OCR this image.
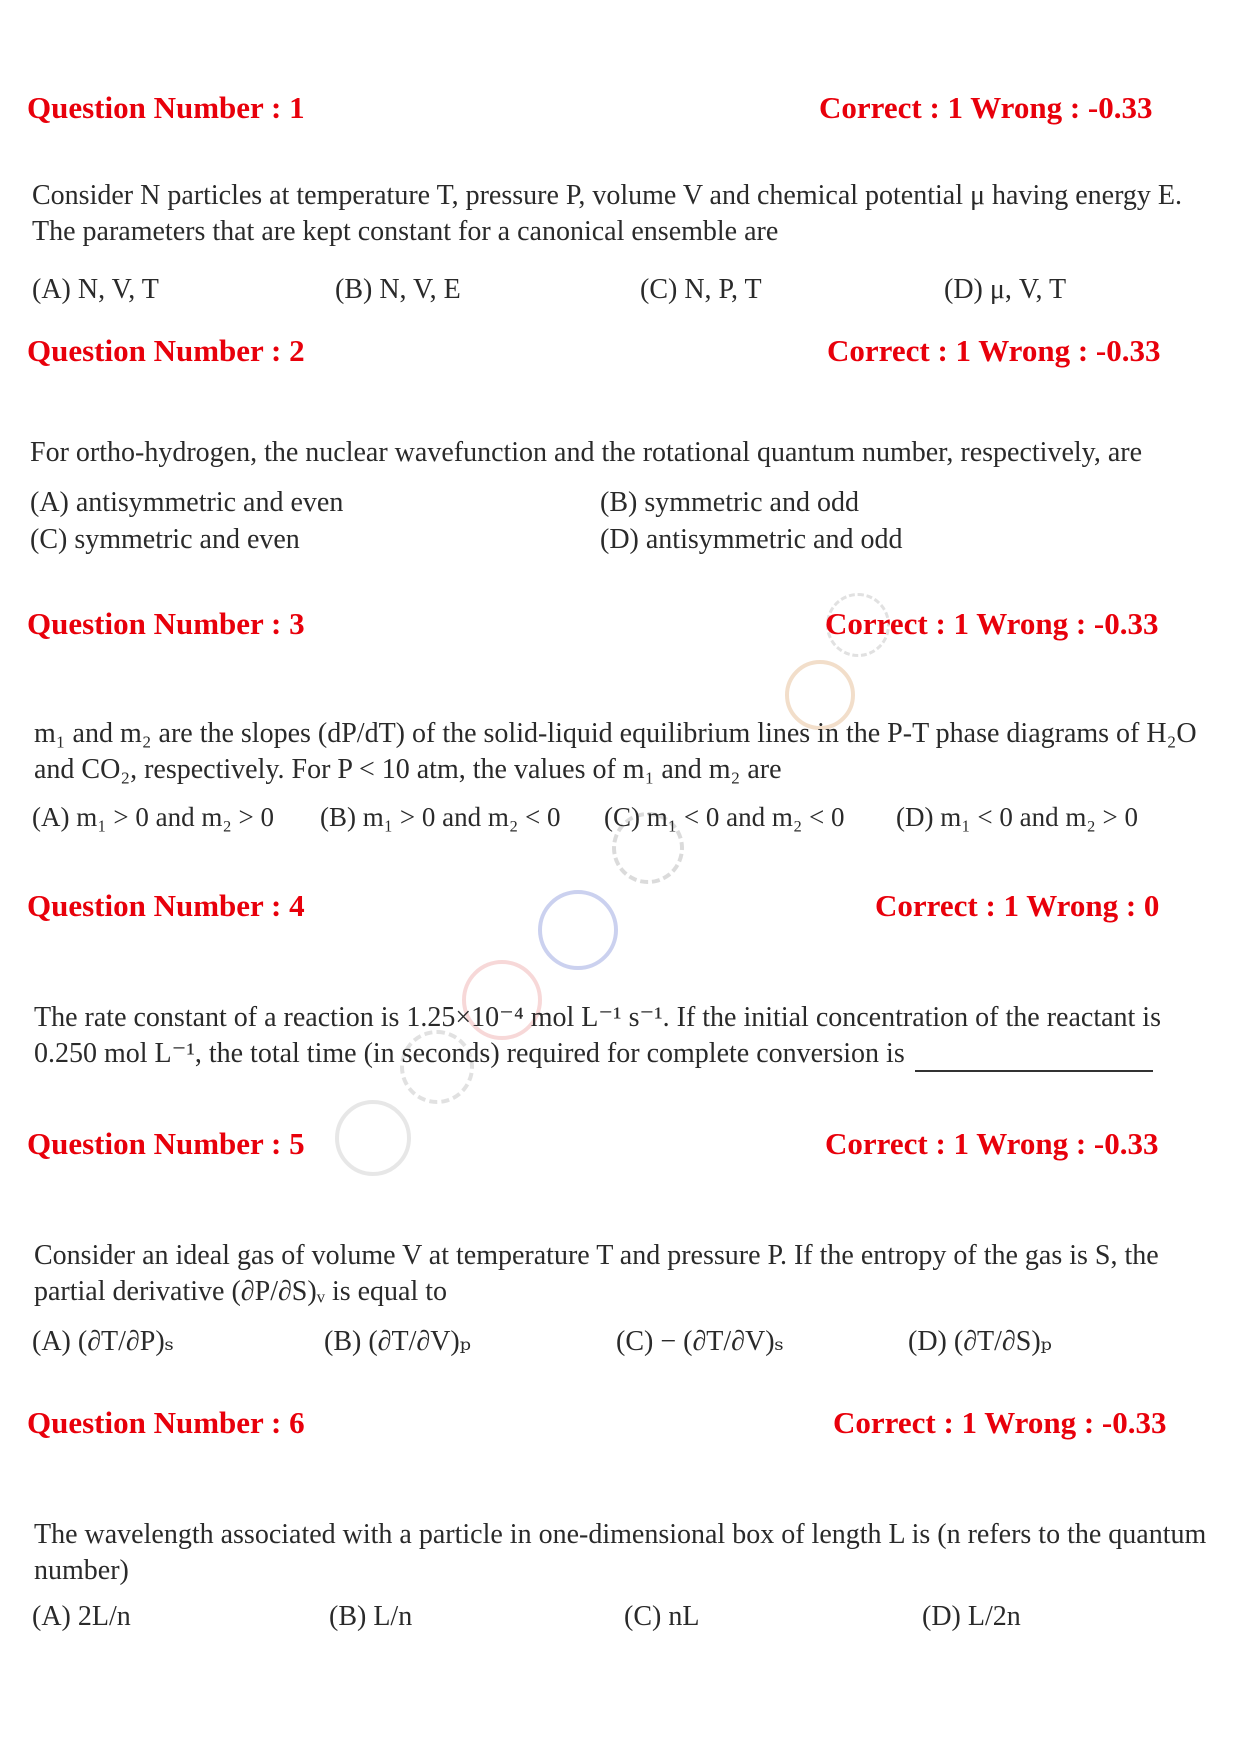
Question Number : 1	Correct : 1 Wrong : -0.33
Consider N particles at temperature T, pressure P, volume V and chemical potential μ having energy E. The parameters that are kept constant for a canonical ensemble are
(A) N, V, T	(B) N, V, E	(C) N, P, T	(D) μ, V, T
Question Number : 2	Correct : 1 Wrong : -0.33
For ortho-hydrogen, the nuclear wavefunction and the rotational quantum number, respectively, are
(A) antisymmetric and even	(B) symmetric and odd
(C) symmetric and even	(D) antisymmetric and odd
Question Number : 3	Correct : 1 Wrong : -0.33
m₁ and m₂ are the slopes (dP/dT) of the solid-liquid equilibrium lines in the P-T phase diagrams of H₂O and CO₂, respectively. For P < 10 atm, the values of m₁ and m₂ are
(A) m₁ > 0 and m₂ > 0 (B) m₁ > 0 and m₂ < 0 (C) m₁ < 0 and m₂ < 0 (D) m₁ < 0 and m₂ > 0
Question Number : 4	Correct : 1 Wrong : 0
The rate constant of a reaction is 1.25×10⁻⁴ mol L⁻¹ s⁻¹. If the initial concentration of the reactant is 0.250 mol L⁻¹, the total time (in seconds) required for complete conversion is
Question Number : 5	Correct : 1 Wrong : -0.33
Consider an ideal gas of volume V at temperature T and pressure P. If the entropy of the gas is S, the partial derivative (∂P/∂S)ᵥ is equal to
(A) (∂T/∂P)ₛ	(B) (∂T/∂V)ₚ	(C) − (∂T/∂V)ₛ	(D) (∂T/∂S)ₚ
Question Number : 6	Correct : 1 Wrong : -0.33
The wavelength associated with a particle in one-dimensional box of length L is (n refers to the quantum number)
(A) 2L/n	(B) L/n	(C) nL	(D) L/2n
